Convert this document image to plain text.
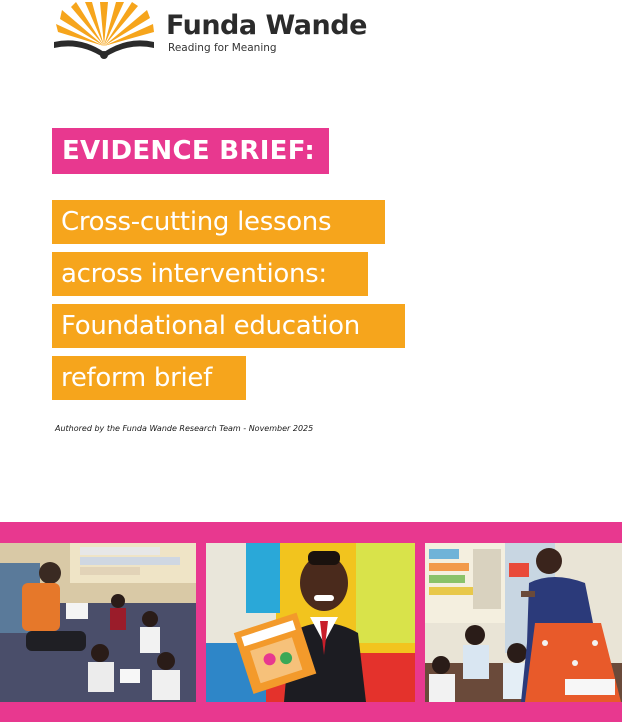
Funda Wande
Reading for Meaning
EVIDENCE BRIEF:
Cross-cutting lessons
across interventions:
Foundational education
reform brief
Authored by the Funda Wande Research Team - November 2025
